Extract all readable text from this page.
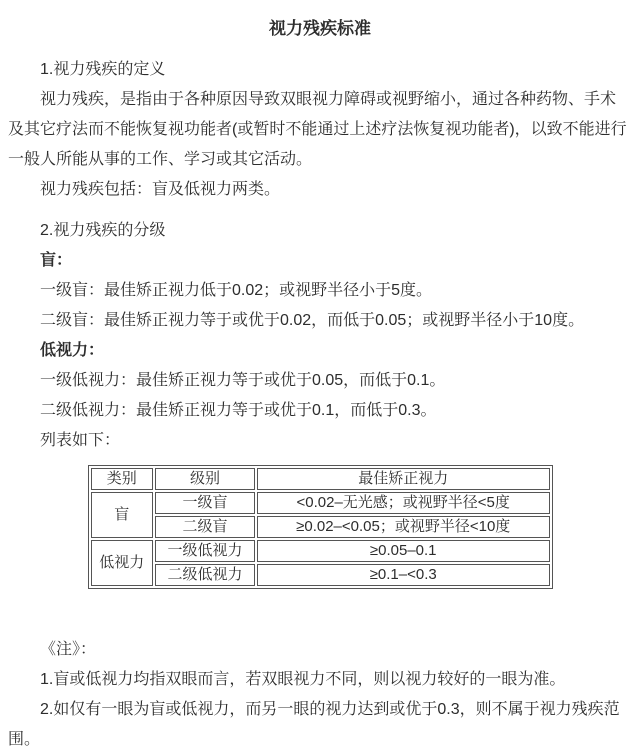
视力残疾标准
1.视力残疾的定义
视力残疾，是指由于各种原因导致双眼视力障碍或视野缩小，通过各种药物、手术
及其它疗法而不能恢复视功能者(或暂时不能通过上述疗法恢复视功能者)，以致不能进行
一般人所能从事的工作、学习或其它活动。
视力残疾包括：盲及低视力两类。
2.视力残疾的分级
盲：
一级盲：最佳矫正视力低于0.02；或视野半径小于5度。
二级盲：最佳矫正视力等于或优于0.02，而低于0.05；或视野半径小于10度。
低视力：
一级低视力：最佳矫正视力等于或优于0.05，而低于0.1。
二级低视力：最佳矫正视力等于或优于0.1，而低于0.3。
列表如下：
类别	级别	最佳矫正视力
盲	一级盲	<0.02–无光感；或视野半径<5度
	二级盲	≥0.02–<0.05；或视野半径<10度
低视力	一级低视力	≥0.05–0.1
	二级低视力	≥0.1–<0.3
《注》：
1.盲或低视力均指双眼而言，若双眼视力不同，则以视力较好的一眼为准。
2.如仅有一眼为盲或低视力，而另一眼的视力达到或优于0.3，则不属于视力残疾范
围。
